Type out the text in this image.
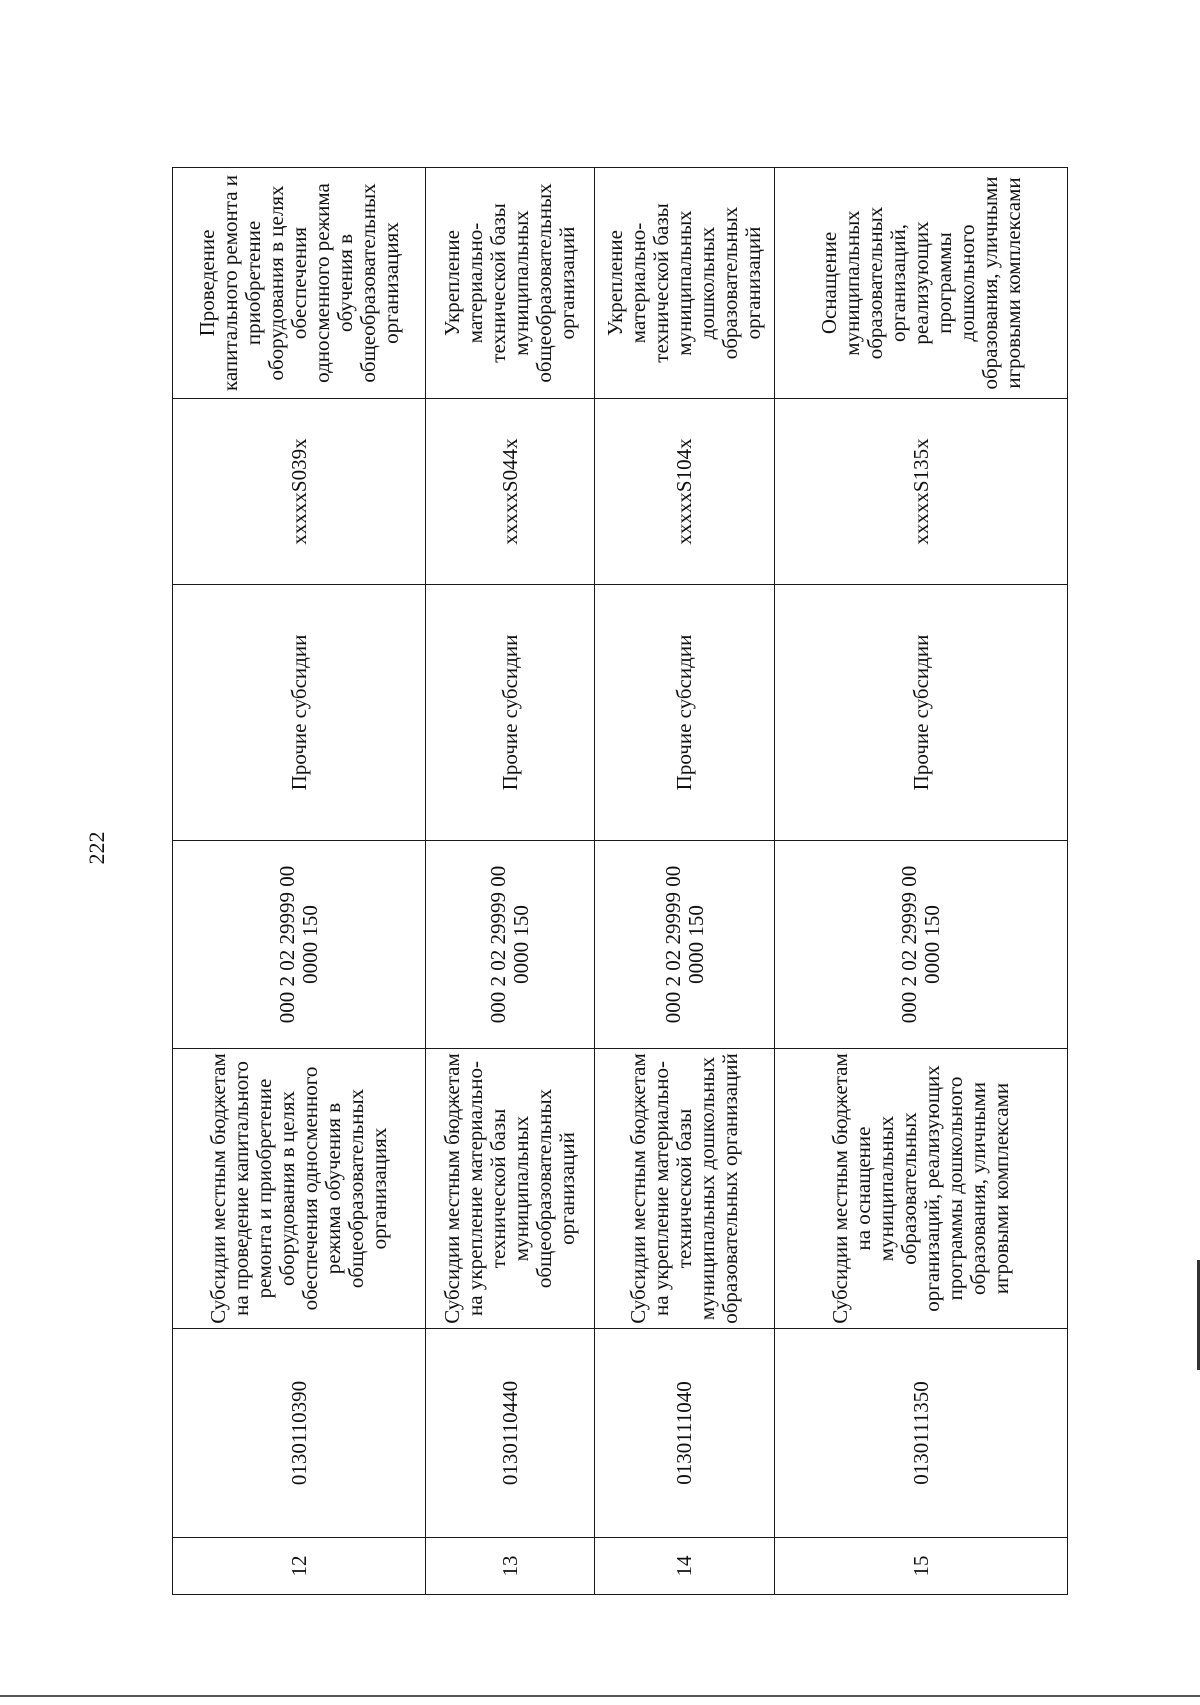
222
12	0130110390	Субсидии местным бюджетам на проведение капитального ремонта и приобретение оборудования в целях обеспечения односменного режима обучения в общеобразовательных организациях	000 2 02 29999 00 0000 150	Прочие субсидии	xxxxxS039x	Проведение капитального ремонта и приобретение оборудования в целях обеспечения односменного режима обучения в общеобразовательных организациях
13	0130110440	Субсидии местным бюджетам на укрепление материально-технической базы муниципальных общеобразовательных организаций	000 2 02 29999 00 0000 150	Прочие субсидии	xxxxxS044x	Укрепление материально-технической базы муниципальных общеобразовательных организаций
14	0130111040	Субсидии местным бюджетам на укрепление материально-технической базы муниципальных дошкольных образовательных организаций	000 2 02 29999 00 0000 150	Прочие субсидии	xxxxxS104x	Укрепление материально-технической базы муниципальных дошкольных образовательных организаций
15	0130111350	Субсидии местным бюджетам на оснащение муниципальных образовательных организаций, реализующих программы дошкольного образования, уличными игровыми комплексами	000 2 02 29999 00 0000 150	Прочие субсидии	xxxxxS135x	Оснащение муниципальных образовательных организаций, реализующих программы дошкольного образования, уличными игровыми комплексами
